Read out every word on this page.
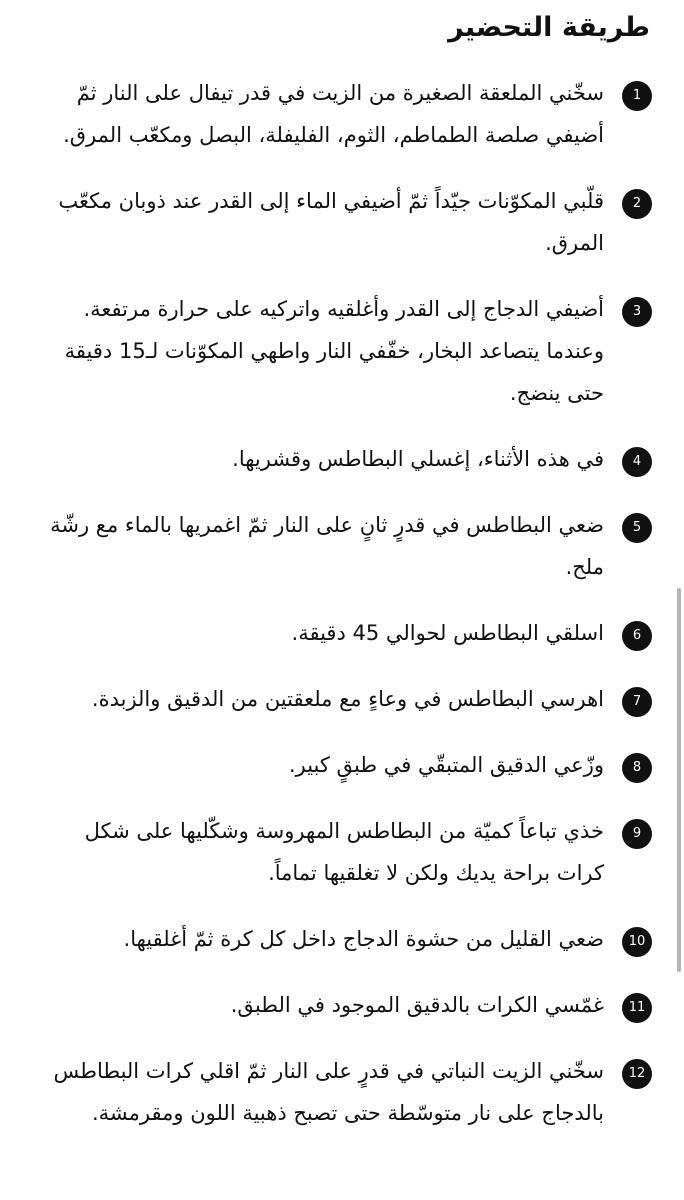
طريقة التحضير
1

سخّني الملعقة الصغيرة من الزيت في قدر تيفال على النار ثمّ أضيفي صلصة الطماطم، الثوم، الفليفلة، البصل ومكعّب المرق.

2

قلّبي المكوّنات جيّداً ثمّ أضيفي الماء إلى القدر عند ذوبان مكعّب المرق.

3

أضيفي الدجاج إلى القدر وأغلقيه واتركيه على حرارة مرتفعة. وعندما يتصاعد البخار، خفّفي النار واطهي المكوّنات لـ15 دقيقة حتى ينضج.

4

في هذه الأثناء، إغسلي البطاطس وقشريها.

5

ضعي البطاطس في قدرٍ ثانٍ على النار ثمّ اغمريها بالماء مع رشّة ملح.

6

اسلقي البطاطس لحوالي 45 دقيقة.

7

اهرسي البطاطس في وعاءٍ مع ملعقتين من الدقيق والزبدة.

8

وزّعي الدقيق المتبقّي في طبقٍ كبير.

9

خذي تباعاً كميّة من البطاطس المهروسة وشكّليها على شكل كرات براحة يديك ولكن لا تغلقيها تماماً.

10

ضعي القليل من حشوة الدجاج داخل كل كرة ثمّ أغلقيها.

11

غمّسي الكرات بالدقيق الموجود في الطبق.

12

سخّني الزيت النباتي في قدرٍ على النار ثمّ اقلي كرات البطاطس بالدجاج على نار متوسّطة حتى تصبح ذهبية اللون ومقرمشة.
